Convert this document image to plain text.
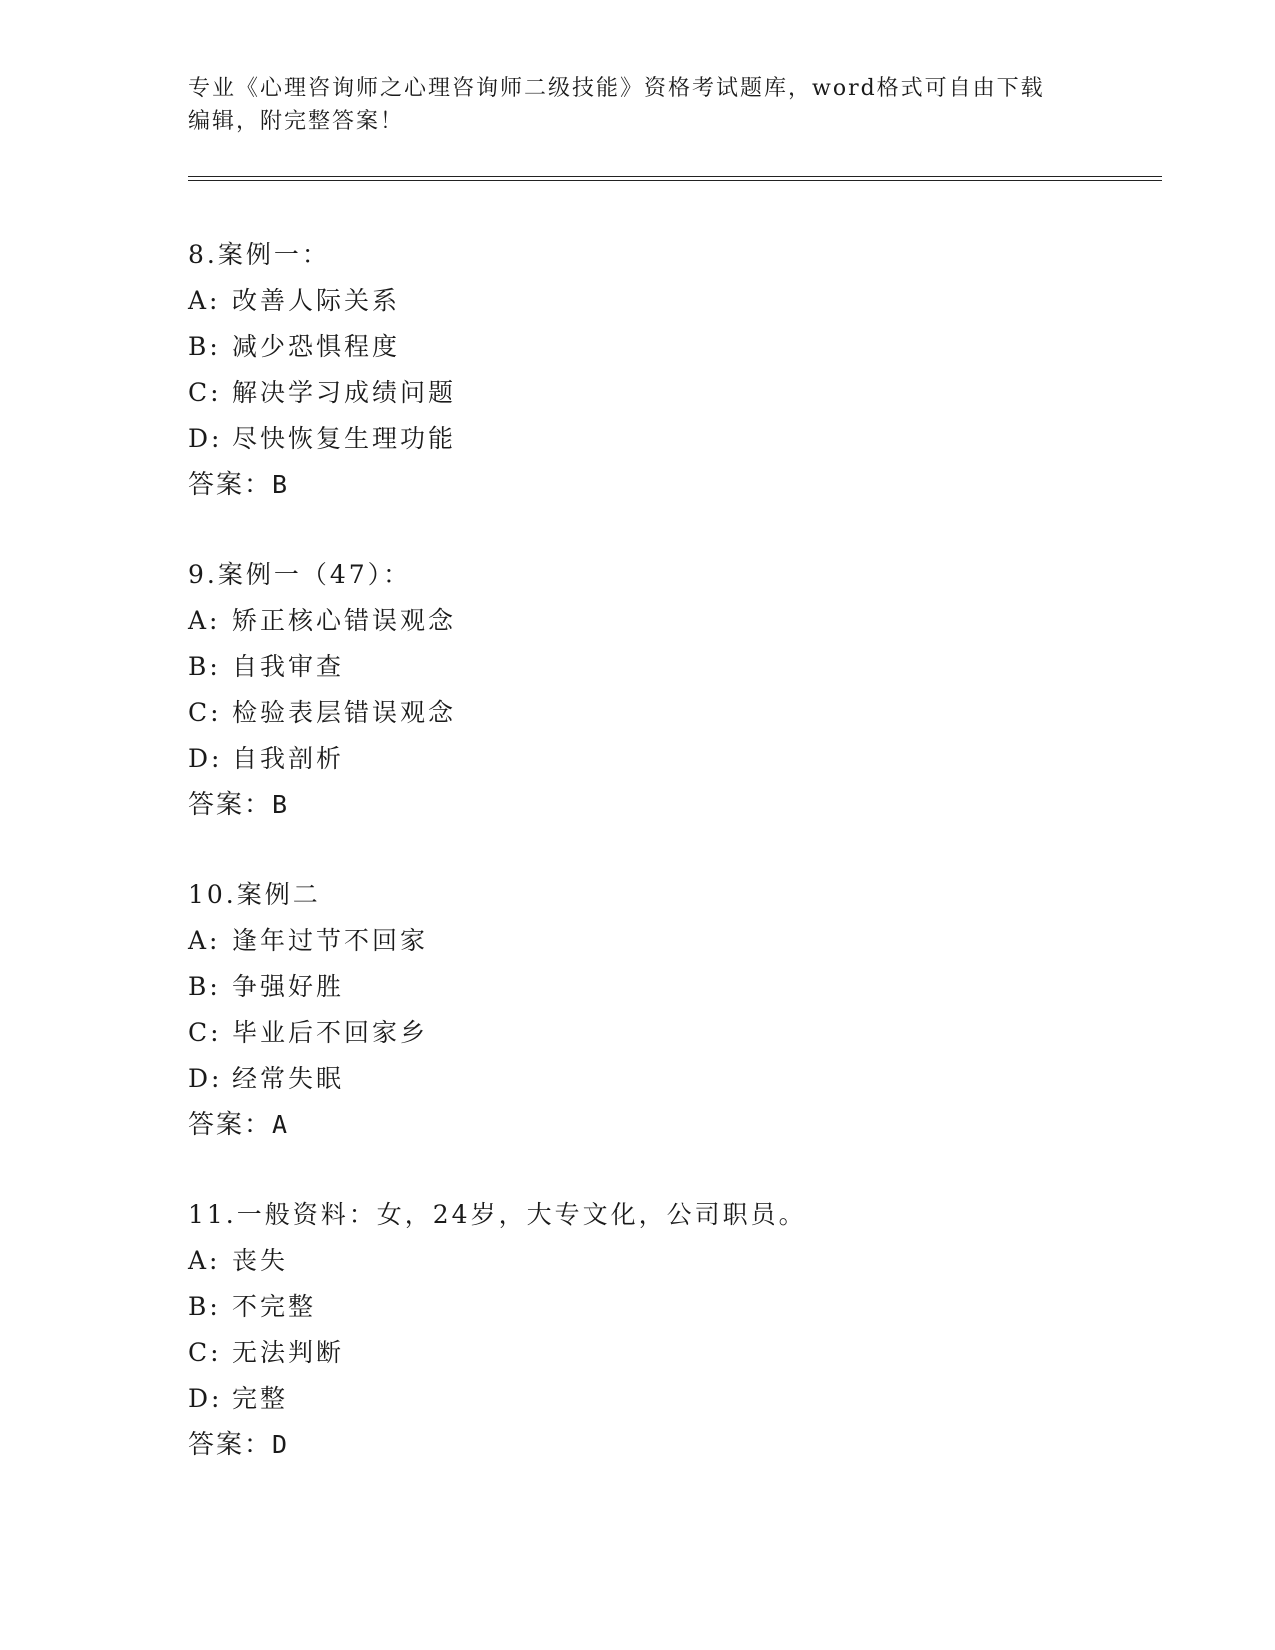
专业《心理咨询师之心理咨询师二级技能》资格考试题库，word格式可自由下载
编辑，附完整答案！
8.案例一：
A: 改善人际关系
B: 减少恐惧程度
C: 解决学习成绩问题
D: 尽快恢复生理功能
答案：B
9.案例一（47）：
A: 矫正核心错误观念
B: 自我审查
C: 检验表层错误观念
D: 自我剖析
答案：B
10.案例二
A: 逢年过节不回家
B: 争强好胜
C: 毕业后不回家乡
D: 经常失眠
答案：A
11.一般资料：女，24岁，大专文化，公司职员。
A: 丧失
B: 不完整
C: 无法判断
D: 完整
答案：D
